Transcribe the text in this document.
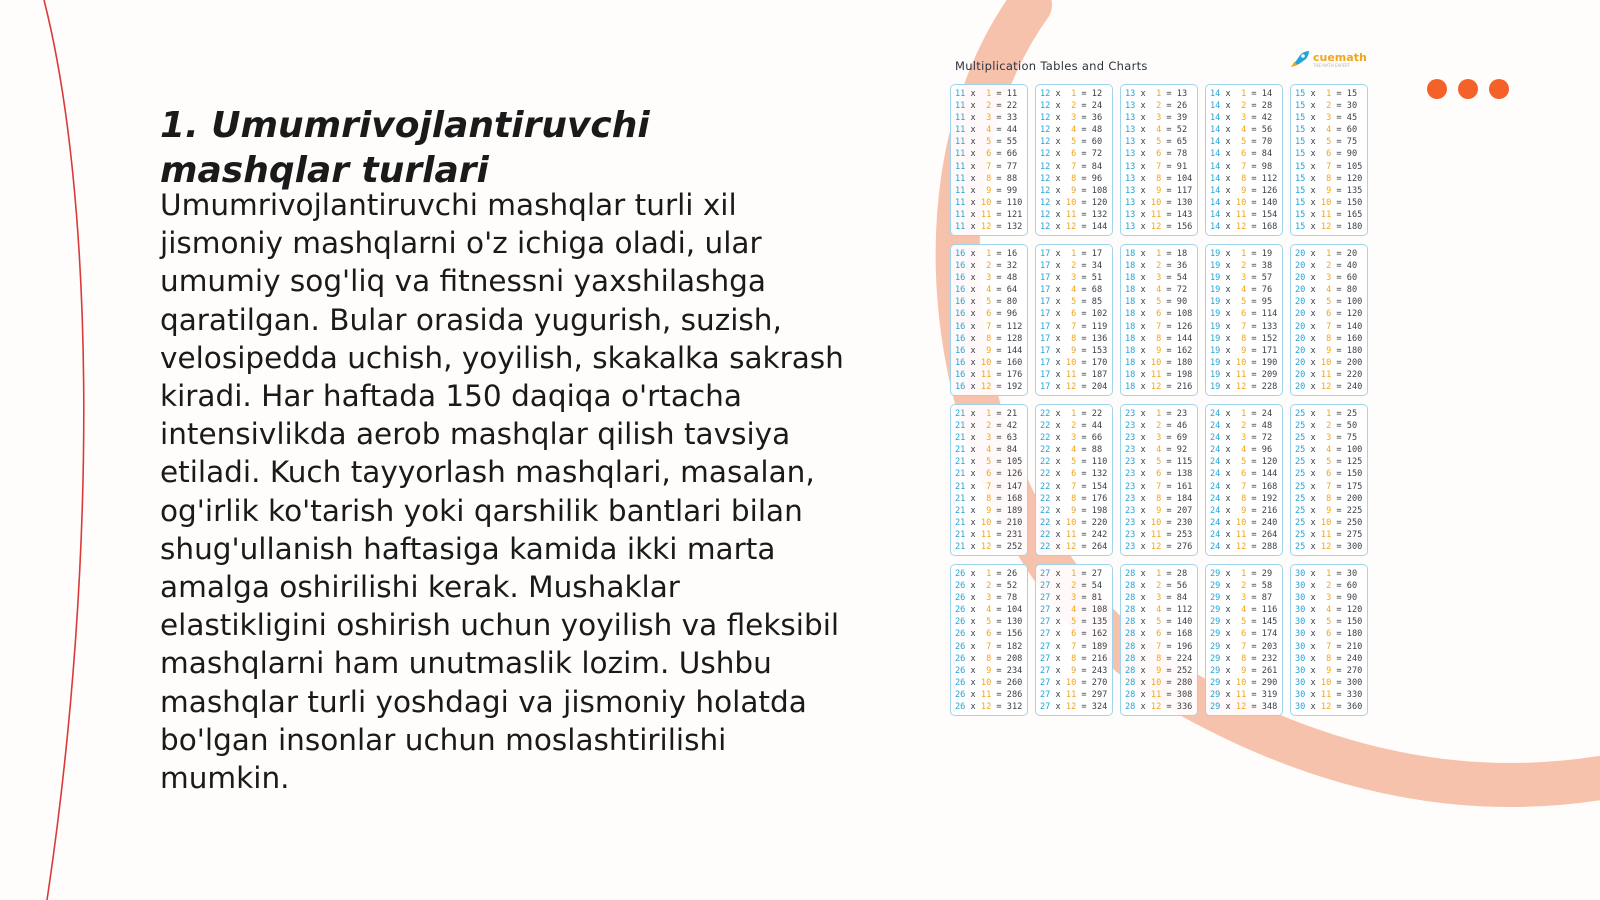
1. Umumrivojlantiruvchi mashqlar turlari

Umumrivojlantiruvchi mashqlar turli xil jismoniy mashqlarni o'z ichiga oladi, ular umumiy sog'liq va fitnessni yaxshilashga qaratilgan. Bular orasida yugurish, suzish, velosipedda uchish, yoyilish, skakalka sakrash kiradi. Har haftada 150 daqiqa o'rtacha intensivlikda aerob mashqlar qilish tavsiya etiladi. Kuch tayyorlash mashqlari, masalan, og'irlik ko'tarish yoki qarshilik bantlari bilan shug'ullanish haftasiga kamida ikki marta amalga oshirilishi kerak. Mushaklar elastikligini oshirish uchun yoyilish va fleksibil mashqlarni ham unutmaslik lozim. Ushbu mashqlar turli yoshdagi va jismoniy holatda bo'lgan insonlar uchun moslashtirilishi mumkin.

Multiplication Tables and Charts
cuemath
THE MATH EXPERT
11 x  1 = 11
11 x  2 = 22
11 x  3 = 33
11 x  4 = 44
11 x  5 = 55
11 x  6 = 66
11 x  7 = 77
11 x  8 = 88
11 x  9 = 99
11 x 10 = 110
11 x 11 = 121
11 x 12 = 132
12 x  1 = 12
12 x  2 = 24
12 x  3 = 36
12 x  4 = 48
12 x  5 = 60
12 x  6 = 72
12 x  7 = 84
12 x  8 = 96
12 x  9 = 108
12 x 10 = 120
12 x 11 = 132
12 x 12 = 144
13 x  1 = 13
13 x  2 = 26
13 x  3 = 39
13 x  4 = 52
13 x  5 = 65
13 x  6 = 78
13 x  7 = 91
13 x  8 = 104
13 x  9 = 117
13 x 10 = 130
13 x 11 = 143
13 x 12 = 156
14 x  1 = 14
14 x  2 = 28
14 x  3 = 42
14 x  4 = 56
14 x  5 = 70
14 x  6 = 84
14 x  7 = 98
14 x  8 = 112
14 x  9 = 126
14 x 10 = 140
14 x 11 = 154
14 x 12 = 168
15 x  1 = 15
15 x  2 = 30
15 x  3 = 45
15 x  4 = 60
15 x  5 = 75
15 x  6 = 90
15 x  7 = 105
15 x  8 = 120
15 x  9 = 135
15 x 10 = 150
15 x 11 = 165
15 x 12 = 180
16 x  1 = 16
16 x  2 = 32
16 x  3 = 48
16 x  4 = 64
16 x  5 = 80
16 x  6 = 96
16 x  7 = 112
16 x  8 = 128
16 x  9 = 144
16 x 10 = 160
16 x 11 = 176
16 x 12 = 192
17 x  1 = 17
17 x  2 = 34
17 x  3 = 51
17 x  4 = 68
17 x  5 = 85
17 x  6 = 102
17 x  7 = 119
17 x  8 = 136
17 x  9 = 153
17 x 10 = 170
17 x 11 = 187
17 x 12 = 204
18 x  1 = 18
18 x  2 = 36
18 x  3 = 54
18 x  4 = 72
18 x  5 = 90
18 x  6 = 108
18 x  7 = 126
18 x  8 = 144
18 x  9 = 162
18 x 10 = 180
18 x 11 = 198
18 x 12 = 216
19 x  1 = 19
19 x  2 = 38
19 x  3 = 57
19 x  4 = 76
19 x  5 = 95
19 x  6 = 114
19 x  7 = 133
19 x  8 = 152
19 x  9 = 171
19 x 10 = 190
19 x 11 = 209
19 x 12 = 228
20 x  1 = 20
20 x  2 = 40
20 x  3 = 60
20 x  4 = 80
20 x  5 = 100
20 x  6 = 120
20 x  7 = 140
20 x  8 = 160
20 x  9 = 180
20 x 10 = 200
20 x 11 = 220
20 x 12 = 240
21 x  1 = 21
21 x  2 = 42
21 x  3 = 63
21 x  4 = 84
21 x  5 = 105
21 x  6 = 126
21 x  7 = 147
21 x  8 = 168
21 x  9 = 189
21 x 10 = 210
21 x 11 = 231
21 x 12 = 252
22 x  1 = 22
22 x  2 = 44
22 x  3 = 66
22 x  4 = 88
22 x  5 = 110
22 x  6 = 132
22 x  7 = 154
22 x  8 = 176
22 x  9 = 198
22 x 10 = 220
22 x 11 = 242
22 x 12 = 264
23 x  1 = 23
23 x  2 = 46
23 x  3 = 69
23 x  4 = 92
23 x  5 = 115
23 x  6 = 138
23 x  7 = 161
23 x  8 = 184
23 x  9 = 207
23 x 10 = 230
23 x 11 = 253
23 x 12 = 276
24 x  1 = 24
24 x  2 = 48
24 x  3 = 72
24 x  4 = 96
24 x  5 = 120
24 x  6 = 144
24 x  7 = 168
24 x  8 = 192
24 x  9 = 216
24 x 10 = 240
24 x 11 = 264
24 x 12 = 288
25 x  1 = 25
25 x  2 = 50
25 x  3 = 75
25 x  4 = 100
25 x  5 = 125
25 x  6 = 150
25 x  7 = 175
25 x  8 = 200
25 x  9 = 225
25 x 10 = 250
25 x 11 = 275
25 x 12 = 300
26 x  1 = 26
26 x  2 = 52
26 x  3 = 78
26 x  4 = 104
26 x  5 = 130
26 x  6 = 156
26 x  7 = 182
26 x  8 = 208
26 x  9 = 234
26 x 10 = 260
26 x 11 = 286
26 x 12 = 312
27 x  1 = 27
27 x  2 = 54
27 x  3 = 81
27 x  4 = 108
27 x  5 = 135
27 x  6 = 162
27 x  7 = 189
27 x  8 = 216
27 x  9 = 243
27 x 10 = 270
27 x 11 = 297
27 x 12 = 324
28 x  1 = 28
28 x  2 = 56
28 x  3 = 84
28 x  4 = 112
28 x  5 = 140
28 x  6 = 168
28 x  7 = 196
28 x  8 = 224
28 x  9 = 252
28 x 10 = 280
28 x 11 = 308
28 x 12 = 336
29 x  1 = 29
29 x  2 = 58
29 x  3 = 87
29 x  4 = 116
29 x  5 = 145
29 x  6 = 174
29 x  7 = 203
29 x  8 = 232
29 x  9 = 261
29 x 10 = 290
29 x 11 = 319
29 x 12 = 348
30 x  1 = 30
30 x  2 = 60
30 x  3 = 90
30 x  4 = 120
30 x  5 = 150
30 x  6 = 180
30 x  7 = 210
30 x  8 = 240
30 x  9 = 270
30 x 10 = 300
30 x 11 = 330
30 x 12 = 360
